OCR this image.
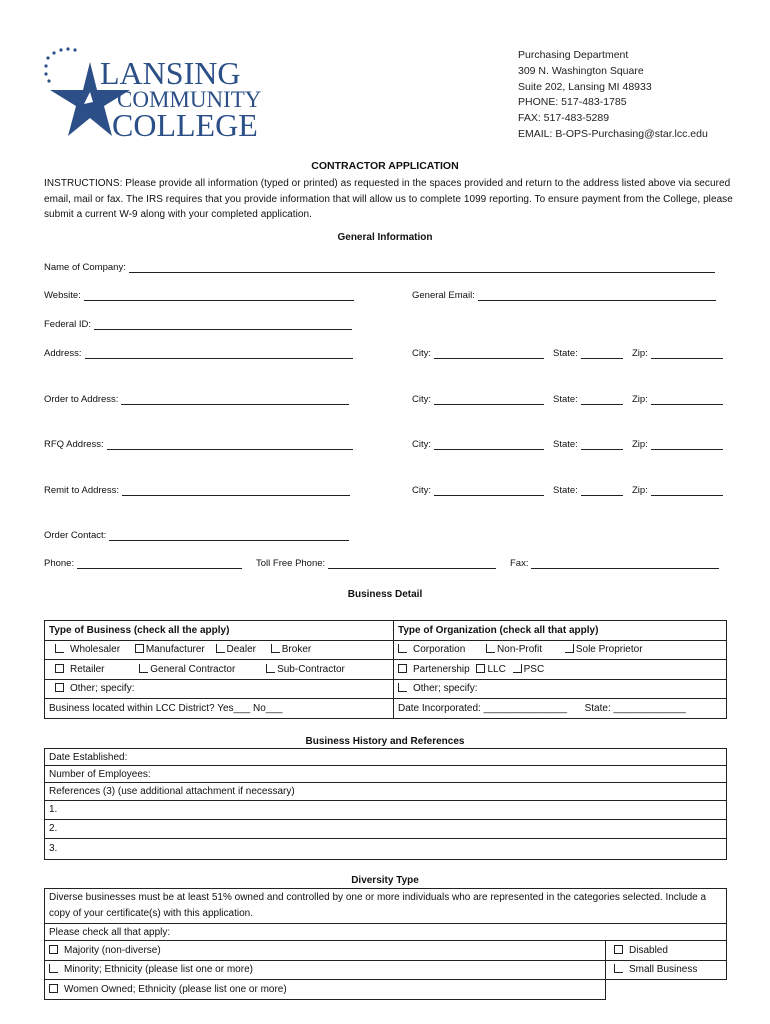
LANSING
COMMUNITY
COLLEGE
Purchasing Department
309 N. Washington Square
Suite 202, Lansing MI 48933
PHONE: 517-483-1785
FAX: 517-483-5289
EMAIL: B-OPS-Purchasing@star.lcc.edu
CONTRACTOR APPLICATION
INSTRUCTIONS: Please provide all information (typed or printed) as requested in the spaces provided and return to the address listed above via secured email, mail or fax. The IRS requires that you provide information that will allow us to complete 1099 reporting. To ensure payment from the College, please submit a current W-9 along with your completed application.
General Information
Name of Company:
Website:	General Email:
Federal ID:
Address:	City:	State:	Zip:
Order to Address:	City:	State:	Zip:
RFQ Address:	City:	State:	Zip:
Remit to Address:	City:	State:	Zip:
Order Contact:
Phone:	Toll Free Phone:	Fax:
Business Detail
Type of Business (check all the apply)	Type of Organization (check all that apply)
Wholesaler Manufacturer Dealer Broker	Corporation Non-Profit Sole Proprietor
Retailer General Contractor Sub-Contractor	Partenership LLC PSC
Other; specify:	Other; specify:
Business located within LCC District? Yes___ No___	Date Incorporated: _______________ State: _____________
Business History and References
Date Established:
Number of Employees:
References (3) (use additional attachment if necessary)
1.
2.
3.
Diversity Type
Diverse businesses must be at least 51% owned and controlled by one or more individuals who are represented in the categories selected. Include a copy of your certificate(s) with this application.	
Please check all that apply:	
Majority (non-diverse)	Disabled
Minority; Ethnicity (please list one or more)	Small Business
Women Owned; Ethnicity (please list one or more)	
